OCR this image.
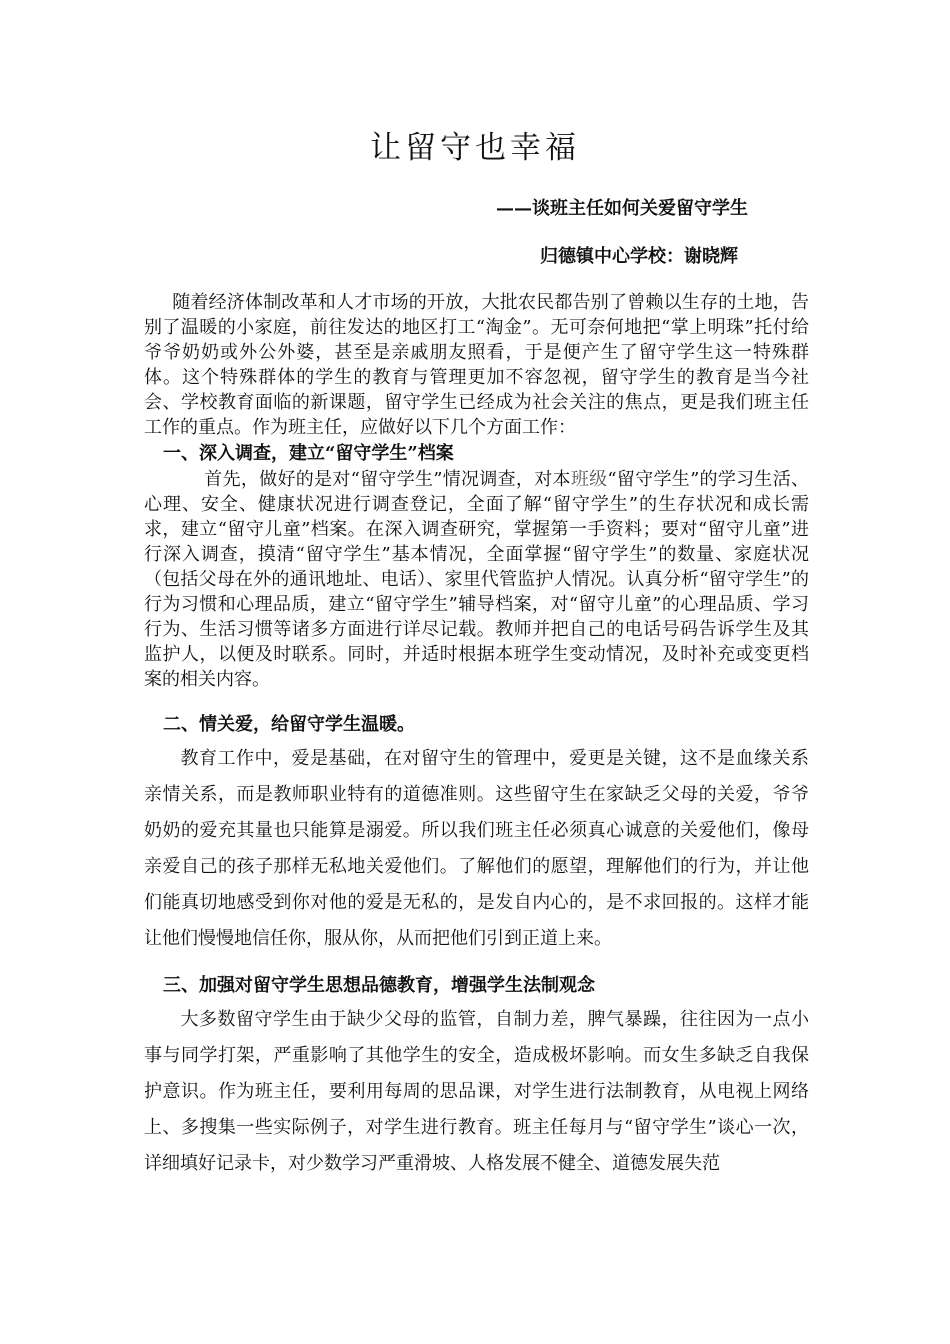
让留守也幸福
——谈班主任如何关爱留守学生
归德镇中心学校：谢晓辉

随着经济体制改革和人才市场的开放，大批农民都告别了曾赖以生存的土地，告别了温暖的小家庭，前往发达的地区打工“淘金”。无可奈何地把“掌上明珠”托付给爷爷奶奶或外公外婆，甚至是亲戚朋友照看，于是便产生了留守学生这一特殊群体。这个特殊群体的学生的教育与管理更加不容忽视，留守学生的教育是当今社会、学校教育面临的新课题，留守学生已经成为社会关注的焦点，更是我们班主任工作的重点。作为班主任，应做好以下几个方面工作：

一、深入调查，建立“留守学生”档案

首先，做好的是对“留守学生”情况调查，对本班级“留守学生”的学习生活、心理、安全、健康状况进行调查登记，全面了解“留守学生”的生存状况和成长需求，建立“留守儿童”档案。在深入调查研究，掌握第一手资料；要对“留守儿童”进行深入调查，摸清“留守学生”基本情况，全面掌握“留守学生”的数量、家庭状况（包括父母在外的通讯地址、电话）、家里代管监护人情况。认真分析“留守学生”的行为习惯和心理品质，建立“留守学生”辅导档案，对“留守儿童”的心理品质、学习行为、生活习惯等诸多方面进行详尽记载。教师并把自己的电话号码告诉学生及其监护人，以便及时联系。同时，并适时根据本班学生变动情况，及时补充或变更档案的相关内容。

二、情关爱，给留守学生温暖。

教育工作中，爱是基础，在对留守生的管理中，爱更是关键，这不是血缘关系亲情关系，而是教师职业特有的道德准则。这些留守生在家缺乏父母的关爱，爷爷奶奶的爱充其量也只能算是溺爱。所以我们班主任必须真心诚意的关爱他们，像母亲爱自己的孩子那样无私地关爱他们。了解他们的愿望，理解他们的行为，并让他们能真切地感受到你对他的爱是无私的，是发自内心的，是不求回报的。这样才能让他们慢慢地信任你，服从你，从而把他们引到正道上来。

三、加强对留守学生思想品德教育，增强学生法制观念

大多数留守学生由于缺少父母的监管，自制力差，脾气暴躁，往往因为一点小事与同学打架，严重影响了其他学生的安全，造成极坏影响。而女生多缺乏自我保护意识。作为班主任，要利用每周的思品课，对学生进行法制教育，从电视上网络上、多搜集一些实际例子，对学生进行教育。班主任每月与“留守学生”谈心一次，详细填好记录卡，对少数学习严重滑坡、人格发展不健全、道德发展失范
